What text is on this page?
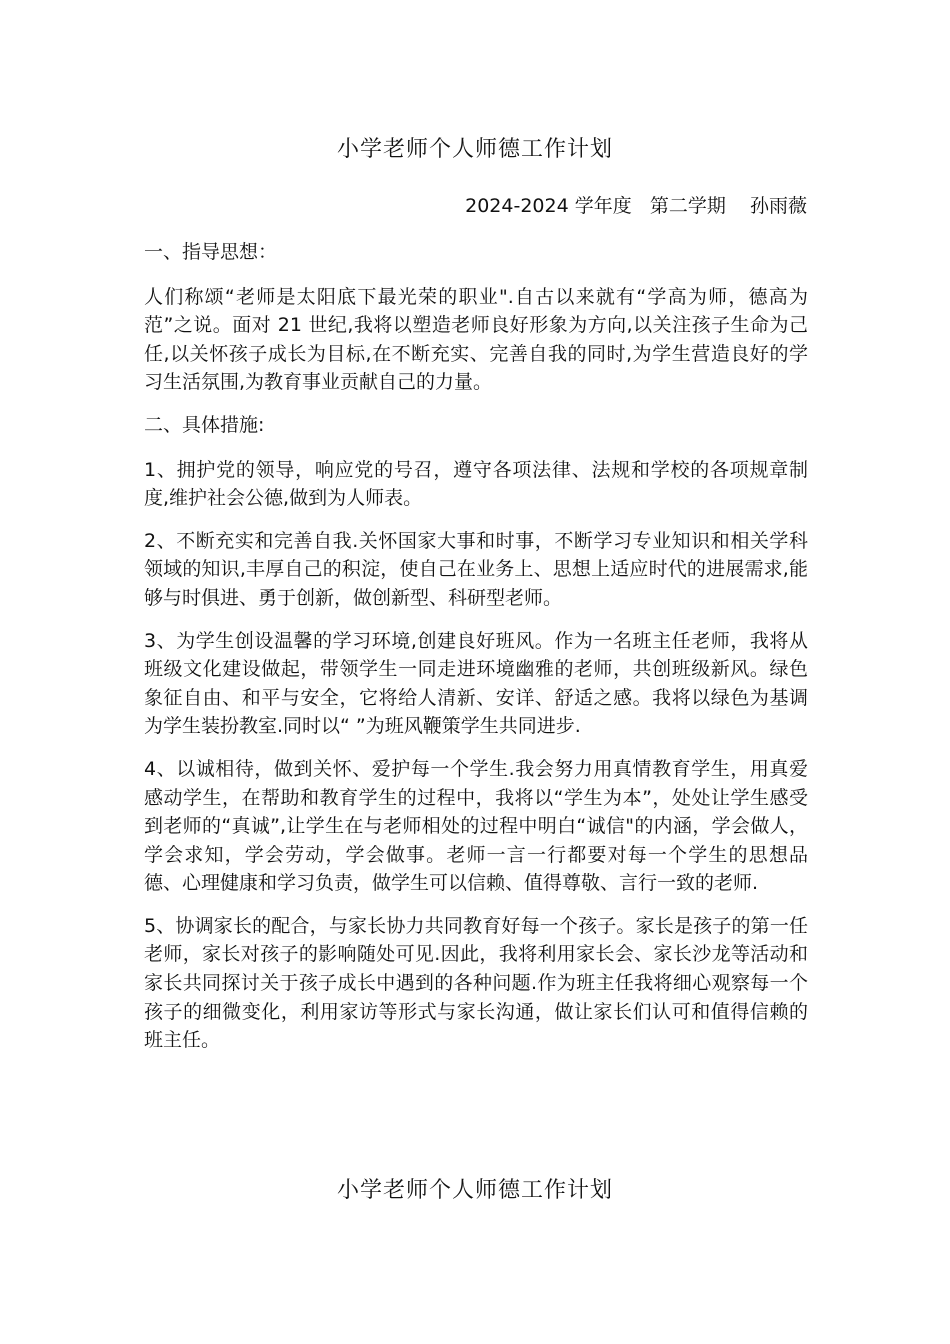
小学老师个人师德工作计划
2024-2024 学年度   第二学期    孙雨薇

一、指导思想：

人们称颂“老师是太阳底下最光荣的职业".自古以来就有“学高为师，德高为范”之说。面对 21 世纪,我将以塑造老师良好形象为方向,以关注孩子生命为己任,以关怀孩子成长为目标,在不断充实、完善自我的同时,为学生营造良好的学习生活氛围,为教育事业贡献自己的力量。

二、具体措施:

1、拥护党的领导，响应党的号召，遵守各项法律、法规和学校的各项规章制度,维护社会公德,做到为人师表。

2、不断充实和完善自我.关怀国家大事和时事，不断学习专业知识和相关学科领域的知识,丰厚自己的积淀，使自己在业务上、思想上适应时代的进展需求,能够与时俱进、勇于创新，做创新型、科研型老师。

3、为学生创设温馨的学习环境,创建良好班风。作为一名班主任老师，我将从班级文化建设做起，带领学生一同走进环境幽雅的老师，共创班级新风。绿色象征自由、和平与安全，它将给人清新、安详、舒适之感。我将以绿色为基调为学生装扮教室.同时以“ ”为班风鞭策学生共同进步.

4、以诚相待，做到关怀、爱护每一个学生.我会努力用真情教育学生，用真爱感动学生，在帮助和教育学生的过程中，我将以“学生为本”，处处让学生感受到老师的“真诚”,让学生在与老师相处的过程中明白“诚信"的内涵，学会做人，学会求知，学会劳动，学会做事。老师一言一行都要对每一个学生的思想品德、心理健康和学习负责，做学生可以信赖、值得尊敬、言行一致的老师.

5、协调家长的配合，与家长协力共同教育好每一个孩子。家长是孩子的第一任老师，家长对孩子的影响随处可见.因此，我将利用家长会、家长沙龙等活动和家长共同探讨关于孩子成长中遇到的各种问题.作为班主任我将细心观察每一个孩子的细微变化，利用家访等形式与家长沟通，做让家长们认可和值得信赖的班主任。

小学老师个人师德工作计划
